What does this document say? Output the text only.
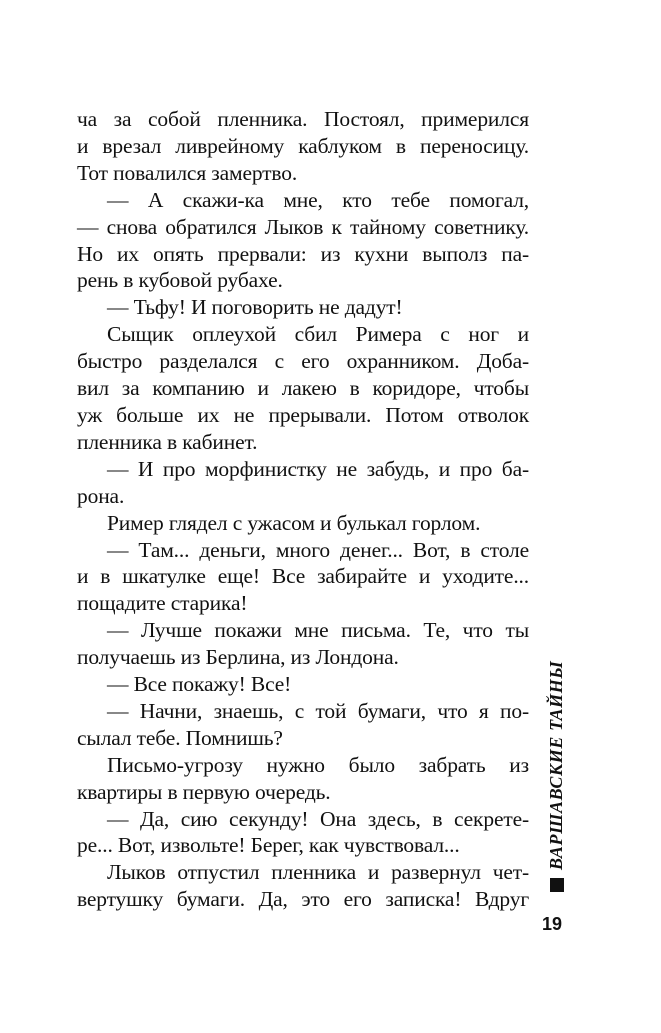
ча за собой пленника. Постоял, примерился
и врезал ливрейному каблуком в переносицу.
Тот повалился замертво.
— А скажи-ка мне, кто тебе помогал,
— снова обратился Лыков к тайному советнику.
Но их опять прервали: из кухни выполз па-
рень в кубовой рубахе.
— Тьфу! И поговорить не дадут!
Сыщик оплеухой сбил Римера с ног и
быстро разделался с его охранником. Доба-
вил за компанию и лакею в коридоре, чтобы
уж больше их не прерывали. Потом отволок
пленника в кабинет.
— И про морфинистку не забудь, и про ба-
рона.
Ример глядел с ужасом и булькал горлом.
— Там... деньги, много денег... Вот, в столе
и в шкатулке еще! Все забирайте и уходите...
пощадите старика!
— Лучше покажи мне письма. Те, что ты
получаешь из Берлина, из Лондона.
— Все покажу! Все!
— Начни, знаешь, с той бумаги, что я по-
сылал тебе. Помнишь?
Письмо-угрозу нужно было забрать из
квартиры в первую очередь.
— Да, сию секунду! Она здесь, в секрете-
ре... Вот, извольте! Берег, как чувствовал...
Лыков отпустил пленника и развернул чет-
вертушку бумаги. Да, это его записка! Вдруг
ВАРШАВСКИЕ ТАЙНЫ
19
